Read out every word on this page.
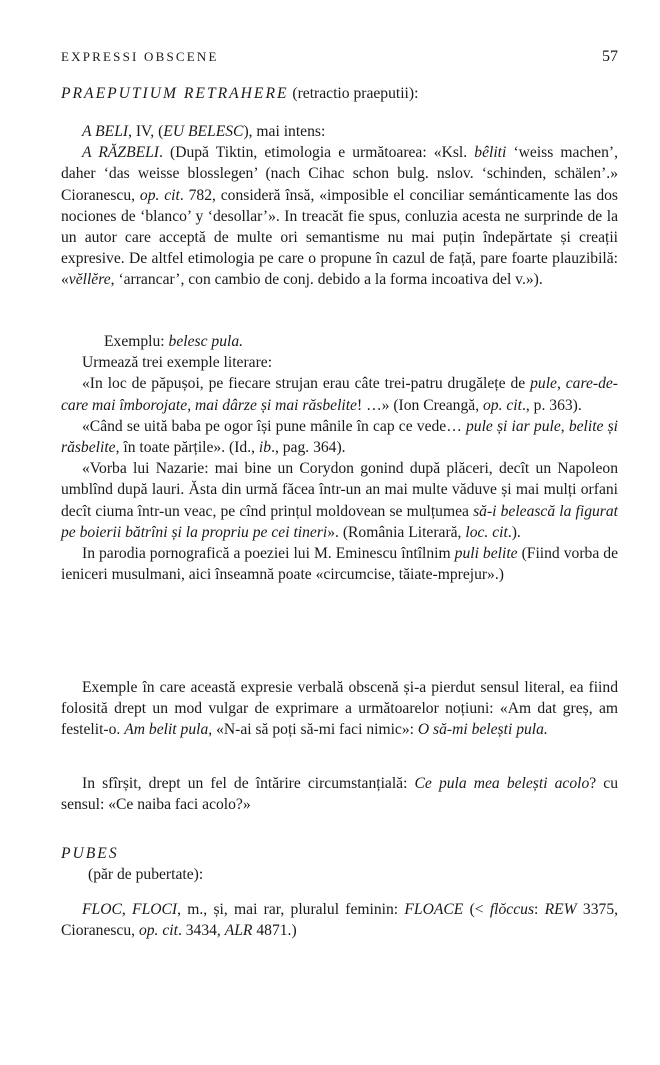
EXPRESSI OBSCENE	57

PRAEPUTIUM RETRAHERE (retractio praeputii):

A BELI, IV, (EU BELESC), mai intens:

A RĂZBELI. (După Tiktin, etimologia e următoarea: «Ksl. bêliti ‘weiss machen’, daher ‘das weisse blosslegen’ (nach Cihac schon bulg. nslov. ‘schinden, schälen’.» Cioranescu, op. cit. 782, consideră însă, «imposible el conciliar semánticamente las dos nociones de ‘blanco’ y ‘desollar’». In treacăt fie spus, conluzia acesta ne surprinde de la un autor care acceptă de multe ori semantisme nu mai puțin îndepărtate și creații expresive. De altfel etimologia pe care o propune în cazul de față, pare foarte plauzibilă: «vĕllĕre, ‘arrancar’, con cambio de conj. debido a la forma incoativa del v.»).

Exemplu: belesc pula.

Urmează trei exemple literare:

«In loc de păpușoi, pe fiecare strujan erau câte trei-patru drugălețe de pule, care-de-care mai îmborojate, mai dârze și mai răsbelite! …» (Ion Creangă, op. cit., p. 363).

«Când se uită baba pe ogor își pune mânile în cap ce vede… pule și iar pule, belite și răsbelite, în toate părțile». (Id., ib., pag. 364).

«Vorba lui Nazarie: mai bine un Corydon gonind după plăceri, decît un Napoleon umblînd după lauri. Ăsta din urmă făcea într-un an mai multe văduve și mai mulți orfani decît ciuma într-un veac, pe cînd prințul moldovean se mulțumea să-i belească la figurat pe boierii bătrîni și la propriu pe cei tineri». (România Literară, loc. cit.).

In parodia pornografică a poeziei lui M. Eminescu întîlnim puli belite (Fiind vorba de ieniceri musulmani, aici înseamnă poate «circumcise, tăiate-mprejur».)

Exemple în care această expresie verbală obscenă și-a pierdut sensul literal, ea fiind folosită drept un mod vulgar de exprimare a următoarelor noțiuni: «Am dat greș, am festelit-o. Am belit pula, «N-ai să poți să-mi faci nimic»: O să-mi belești pula.

In sfîrșit, drept un fel de întărire circumstanțială: Ce pula mea belești acolo? cu sensul: «Ce naiba faci acolo?»

PUBES

(păr de pubertate):

FLOC, FLOCI, m., și, mai rar, pluralul feminin: FLOACE (< flŏccus: REW 3375, Cioranescu, op. cit. 3434, ALR 4871.)
